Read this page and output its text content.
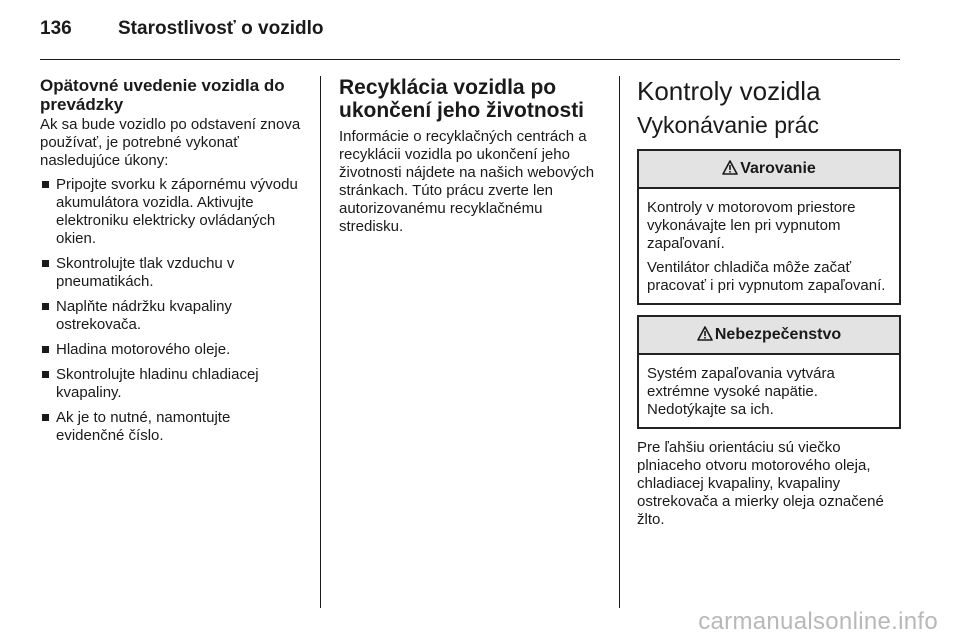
136 Starostlivosť o vozidlo
Opätovné uvedenie vozidla do prevádzky

Ak sa bude vozidlo po odstavení znova používať, je potrebné vykonať nasledujúce úkony:

Pripojte svorku k zápornému vývodu akumulátora vozidla. Aktivujte elektroniku elektricky ovládaných okien.
Skontrolujte tlak vzduchu v pneumatikách.
Naplňte nádržku kvapaliny ostrekovača.
Hladina motorového oleje.
Skontrolujte hladinu chladiacej kvapaliny.
Ak je to nutné, namontujte evidenčné číslo.
Recyklácia vozidla po ukončení jeho životnosti

Informácie o recyklačných centrách a recyklácii vozidla po ukončení jeho životnosti nájdete na našich webových stránkach. Túto prácu zverte len autorizovanému recyklačnému stredisku.

Kontroly vozidla
Vykonávanie prác
Varovanie

Kontroly v motorovom priestore vykonávajte len pri vypnutom zapaľovaní.

Ventilátor chladiča môže začať pracovať i pri vypnutom zapaľovaní.

Nebezpečenstvo

Systém zapaľovania vytvára extrémne vysoké napätie. Nedotýkajte sa ich.

Pre ľahšiu orientáciu sú viečko plniaceho otvoru motorového oleja, chladiacej kvapaliny, kvapaliny ostrekovača a mierky oleja označené žlto.

carmanualsonline.info
